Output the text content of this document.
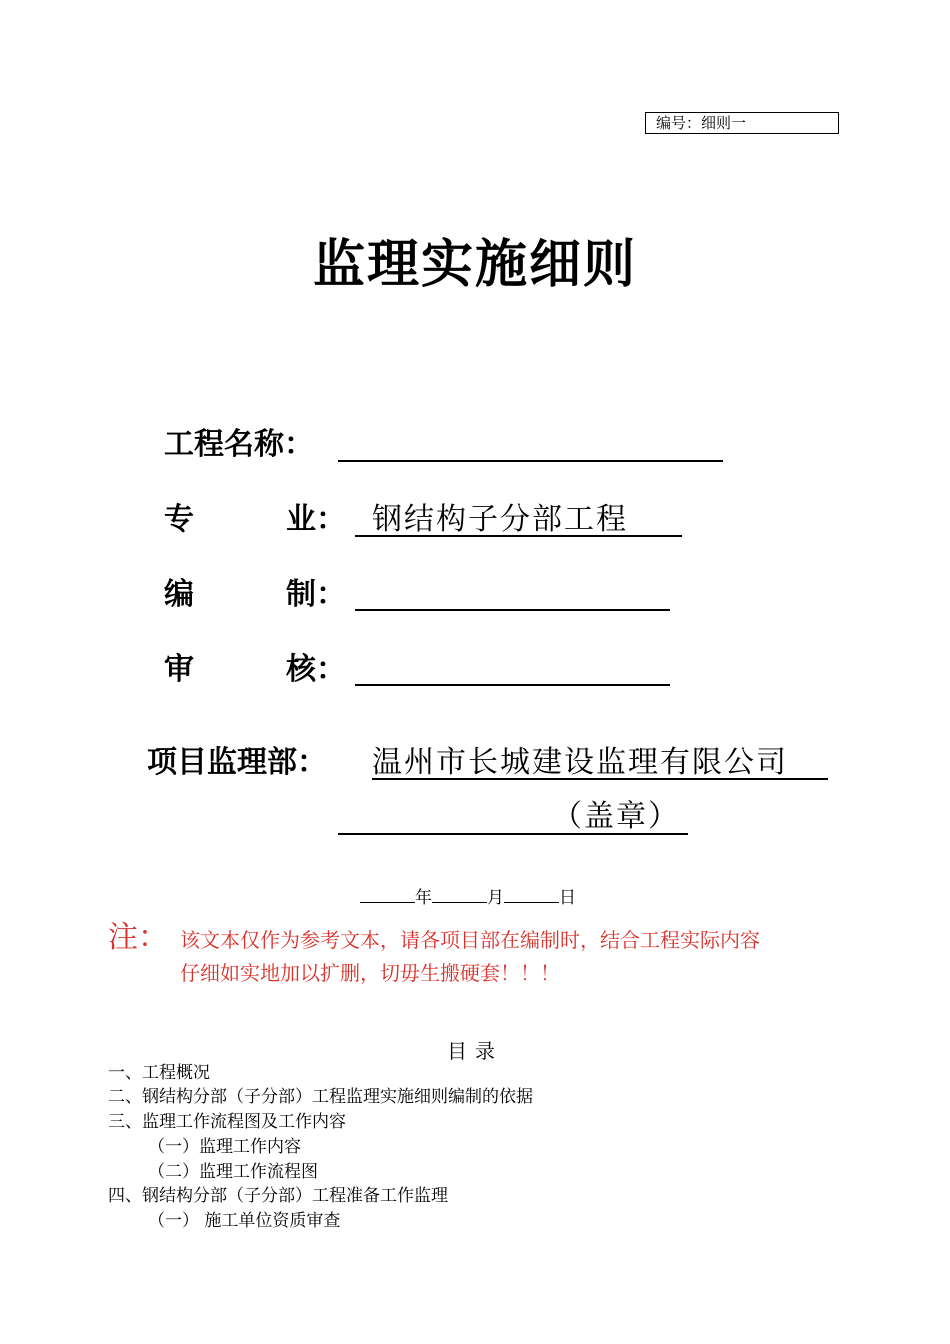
编号：细则一
监理实施细则
工程名称：
专	业： 钢结构子分部工程
编	制：
审	核：
项目监理部： 温州市长城建设监理有限公司
（盖章）
年	月	日
注： 该文本仅作为参考文本，请各项目部在编制时，结合工程实际内容
仔细如实地加以扩删，切毋生搬硬套！！！
目录
一、工程概况
二、钢结构分部（子分部）工程监理实施细则编制的依据
三、监理工作流程图及工作内容
（一）监理工作内容
（二）监理工作流程图
四、钢结构分部（子分部）工程准备工作监理
（一） 施工单位资质审查
